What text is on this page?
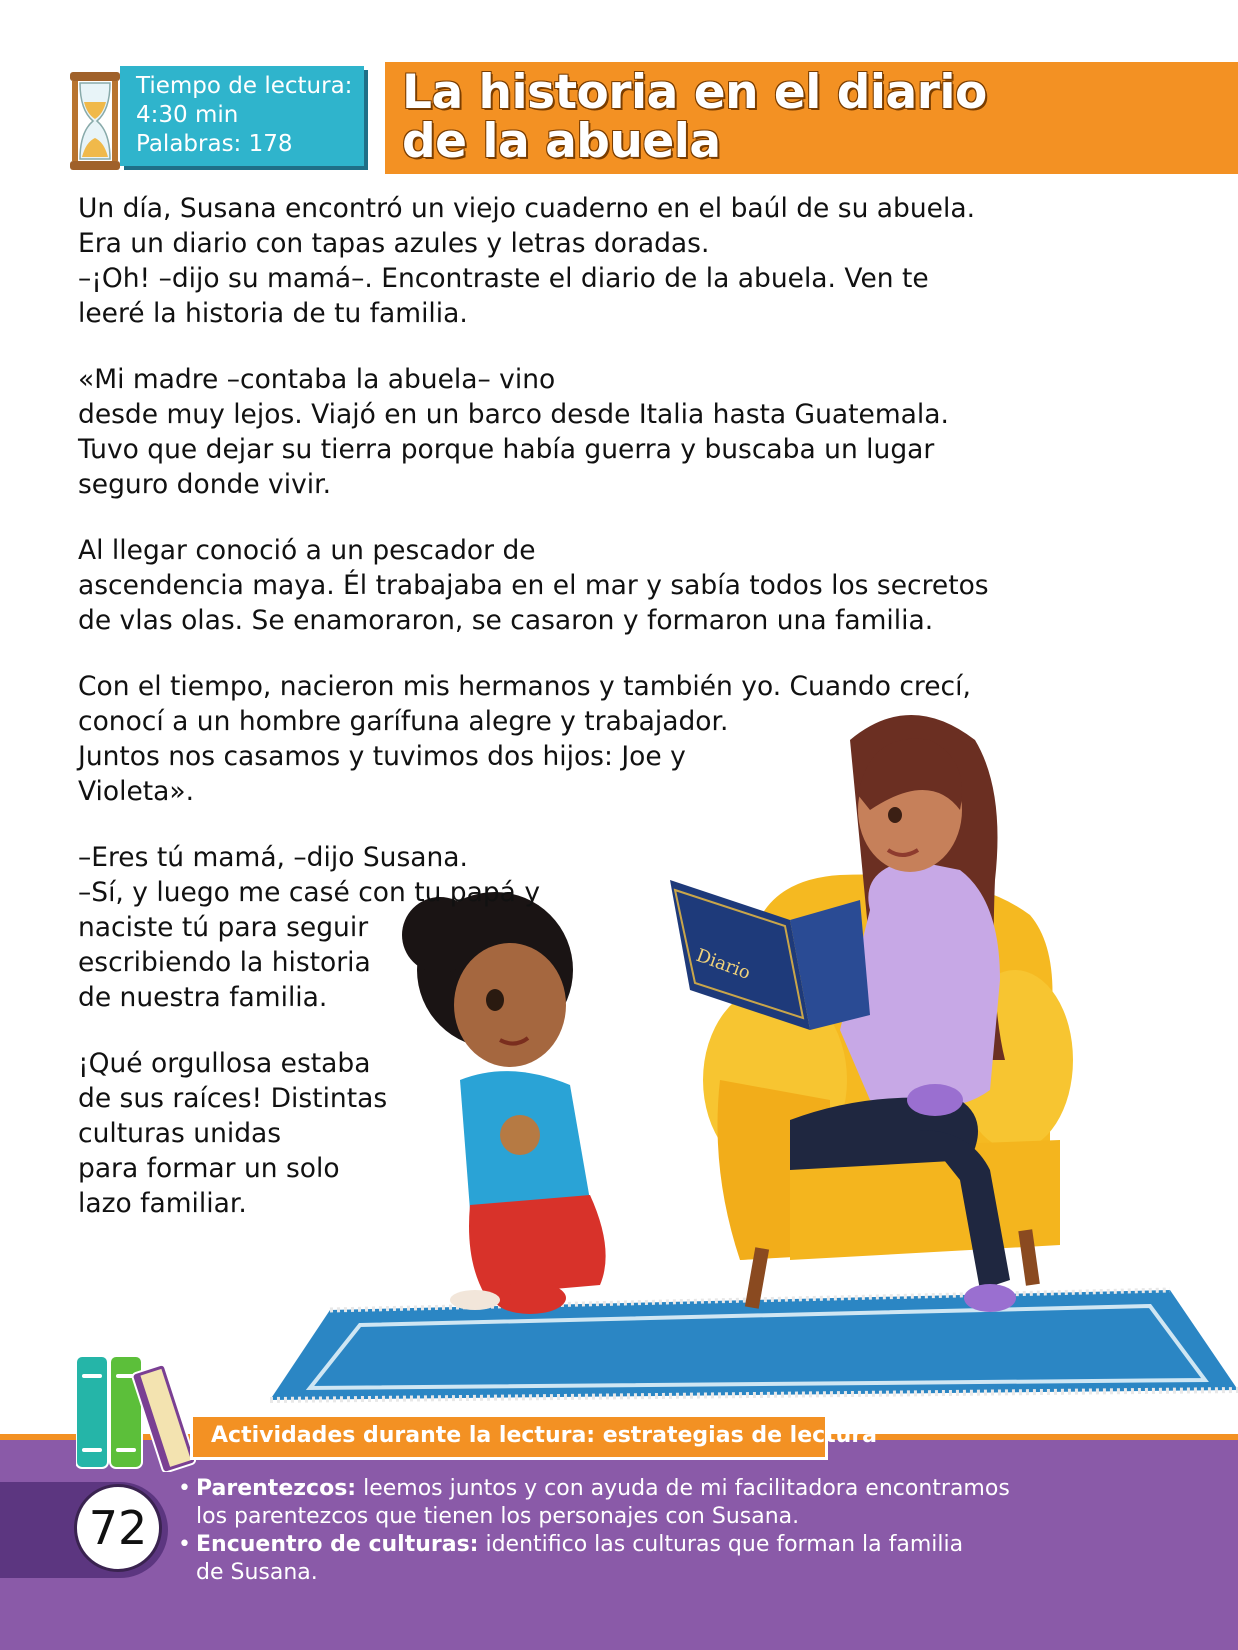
Tiempo de lectura:
4:30 min
Palabras: 178
La historia en el diario
de la abuela
Diario

Un día, Susana encontró un viejo cuaderno en el baúl de su abuela.
Era un diario con tapas azules y letras doradas.
–¡Oh! –dijo su mamá–. Encontraste el diario de la abuela. Ven te
leeré la historia de tu familia.

«Mi madre –contaba la abuela– vino
desde muy lejos. Viajó en un barco desde Italia hasta Guatemala.
Tuvo que dejar su tierra porque había guerra y buscaba un lugar
seguro donde vivir.

Al llegar conoció a un pescador de
ascendencia maya. Él trabajaba en el mar y sabía todos los secretos
de vlas olas. Se enamoraron, se casaron y formaron una familia.

Con el tiempo, nacieron mis hermanos y también yo. Cuando crecí,
conocí a un hombre garífuna alegre y trabajador.
Juntos nos casamos y tuvimos dos hijos: Joe y
Violeta».

–Eres tú mamá, –dijo Susana.
–Sí, y luego me casé con tu papá y
naciste tú para seguir
escribiendo la historia
de nuestra familia.

¡Qué orgullosa estaba
de sus raíces! Distintas
culturas unidas
para formar un solo
lazo familiar.

72
Actividades durante la lectura: estrategias de lectura
• Parentezcos: leemos juntos y con ayuda de mi facilitadora encontramos
los parentezcos que tienen los personajes con Susana.
• Encuentro de culturas: identifico las culturas que forman la familia
de Susana.
